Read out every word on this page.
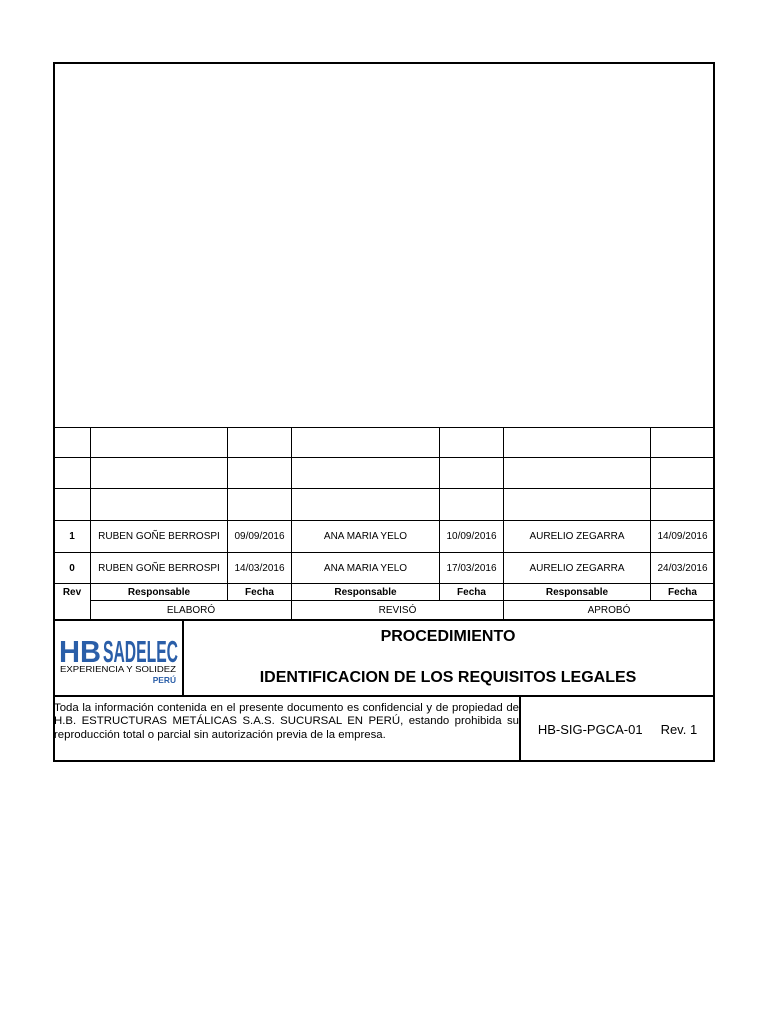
1	RUBEN GOÑE BERROSPI	09/09/2016	ANA MARIA YELO	10/09/2016	AURELIO ZEGARRA	14/09/2016
0	RUBEN GOÑE BERROSPI	14/03/2016	ANA MARIA YELO	17/03/2016	AURELIO ZEGARRA	24/03/2016
Rev	Responsable	Fecha	Responsable	Fecha	Responsable	Fecha
ELABORÓ	REVISÓ	APROBÓ
HB SADELEC
EXPERIENCIA Y SOLIDEZ
PERÚ
PROCEDIMIENTO
IDENTIFICACION DE LOS REQUISITOS LEGALES
Toda la información contenida en el presente documento es confidencial y de propiedad de H.B. ESTRUCTURAS METÁLICAS S.A.S. SUCURSAL EN PERÚ, estando prohibida su reproducción total o parcial sin autorización previa de la empresa.	HB-SIG-PGCA-01 Rev. 1
